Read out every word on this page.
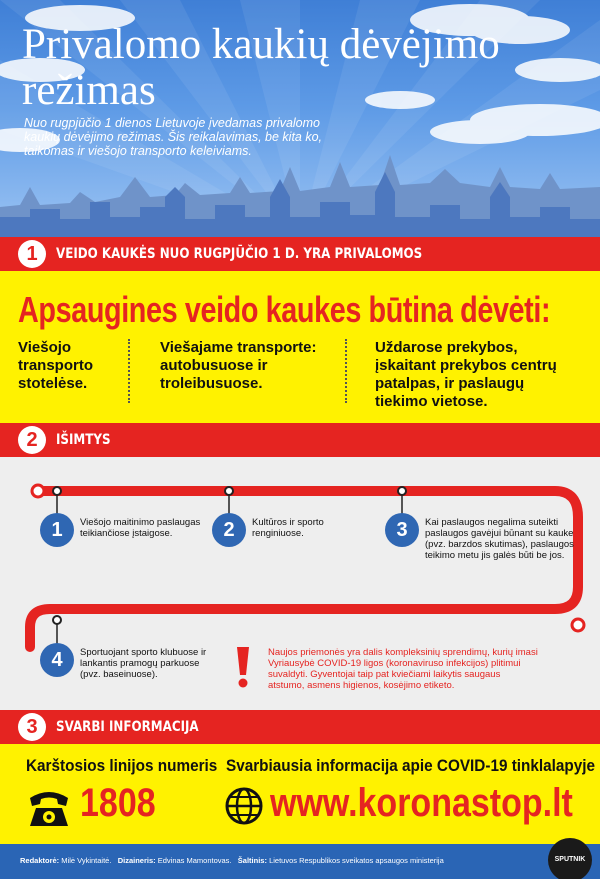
Privalomo kaukių dėvėjimo režimas
Nuo rugpjūčio 1 dienos Lietuvoje įvedamas privalomo kaukių dėvėjimo režimas. Šis reikalavimas, be kita ko, taikomas ir viešojo transporto keleiviams.
1	VEIDO KAUKĖS NUO RUGPJŪČIO 1 D. YRA PRIVALOMOS
Apsaugines veido kaukes būtina dėvėti:
Viešojo transporto stotelėse.
Viešajame transporte: autobusuose ir troleibusuose.
Uždarose prekybos, įskaitant prekybos centrų patalpas, ir paslaugų tiekimo vietose.
2	IŠIMTYS
1	Viešojo maitinimo paslaugas teikiančiose įstaigose.	2	Kultūros ir sporto renginiuose.	3	Kai paslaugos negalima suteikti paslaugos gavėjui būnant su kauke (pvz. barzdos skutimas), paslaugos teikimo metu jis galės būti be jos.
4	Sportuojant sporto klubuose ir lankantis pramogų parkuose (pvz. baseinuose).
Naujos priemonės yra dalis kompleksinių sprendimų, kurių imasi Vyriausybė COVID-19 ligos (koronaviruso infekcijos) plitimui suvaldyti. Gyventojai taip pat kviečiami laikytis saugaus atstumo, asmens higienos, kosėjimo etiketo.
3	SVARBI INFORMACIJA
Karštosios linijos numeris
1808
Svarbiausia informacija apie COVID-19 tinklalapyje
www.koronastop.lt
Redaktorė: Milė Vykintaitė. Dizaineris: Edvinas Mamontovas. Šaltinis: Lietuvos Respublikos sveikatos apsaugos ministerija	SPUTNIK
